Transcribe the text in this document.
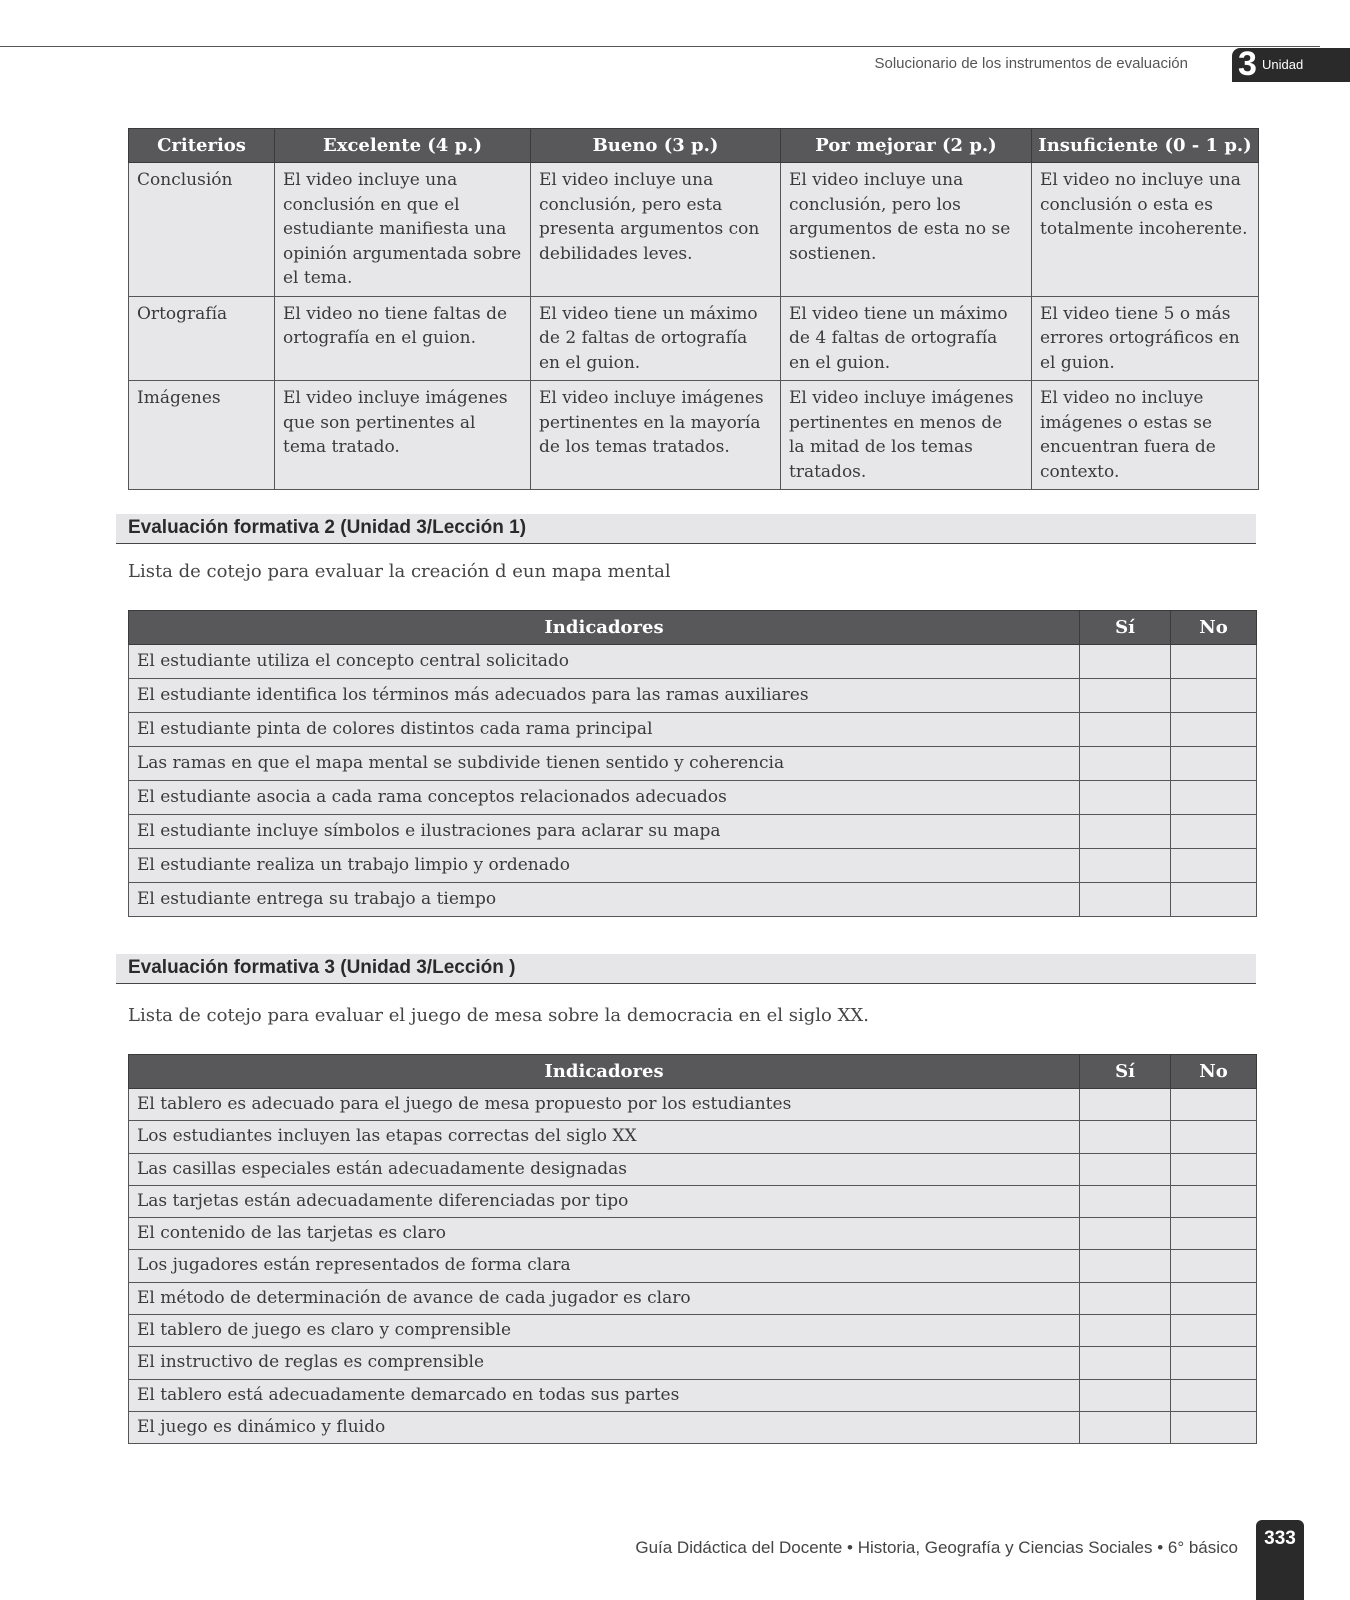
Solucionario de los instrumentos de evaluación 3 Unidad
Criterios	Excelente (4 p.)	Bueno (3 p.)	Por mejorar (2 p.)	Insuficiente (0 - 1 p.)
Conclusión	El video incluye una conclusión en que el estudiante manifiesta una opinión argumentada sobre el tema.	El video incluye una conclusión, pero esta presenta argumentos con debilidades leves.	El video incluye una conclusión, pero los argumentos de esta no se sostienen.	El video no incluye una conclusión o esta es totalmente incoherente.
Ortografía	El video no tiene faltas de ortografía en el guion.	El video tiene un máximo de 2 faltas de ortografía en el guion.	El video tiene un máximo de 4 faltas de ortografía en el guion.	El video tiene 5 o más errores ortográficos en el guion.
Imágenes	El video incluye imágenes que son pertinentes al tema tratado.	El video incluye imágenes pertinentes en la mayoría de los temas tratados.	El video incluye imágenes pertinentes en menos de la mitad de los temas tratados.	El video no incluye imágenes o estas se encuentran fuera de contexto.
Evaluación formativa 2 (Unidad 3/Lección 1)
Lista de cotejo para evaluar la creación d eun mapa mental
Indicadores	Sí	No
El estudiante utiliza el concepto central solicitado		
El estudiante identifica los términos más adecuados para las ramas auxiliares		
El estudiante pinta de colores distintos cada rama principal		
Las ramas en que el mapa mental se subdivide tienen sentido y coherencia		
El estudiante asocia a cada rama conceptos relacionados adecuados		
El estudiante incluye símbolos e ilustraciones para aclarar su mapa		
El estudiante realiza un trabajo limpio y ordenado		
El estudiante entrega su trabajo a tiempo		
Evaluación formativa 3 (Unidad 3/Lección )
Lista de cotejo para evaluar el juego de mesa sobre la democracia en el siglo XX.
Indicadores	Sí	No
El tablero es adecuado para el juego de mesa propuesto por los estudiantes		
Los estudiantes incluyen las etapas correctas del siglo XX		
Las casillas especiales están adecuadamente designadas		
Las tarjetas están adecuadamente diferenciadas por tipo		
El contenido de las tarjetas es claro		
Los jugadores están representados de forma clara		
El método de determinación de avance de cada jugador es claro		
El tablero de juego es claro y comprensible		
El instructivo de reglas es comprensible		
El tablero está adecuadamente demarcado en todas sus partes		
El juego es dinámico y fluido		
Guía Didáctica del Docente • Historia, Geografía y Ciencias Sociales • 6° básico	333
